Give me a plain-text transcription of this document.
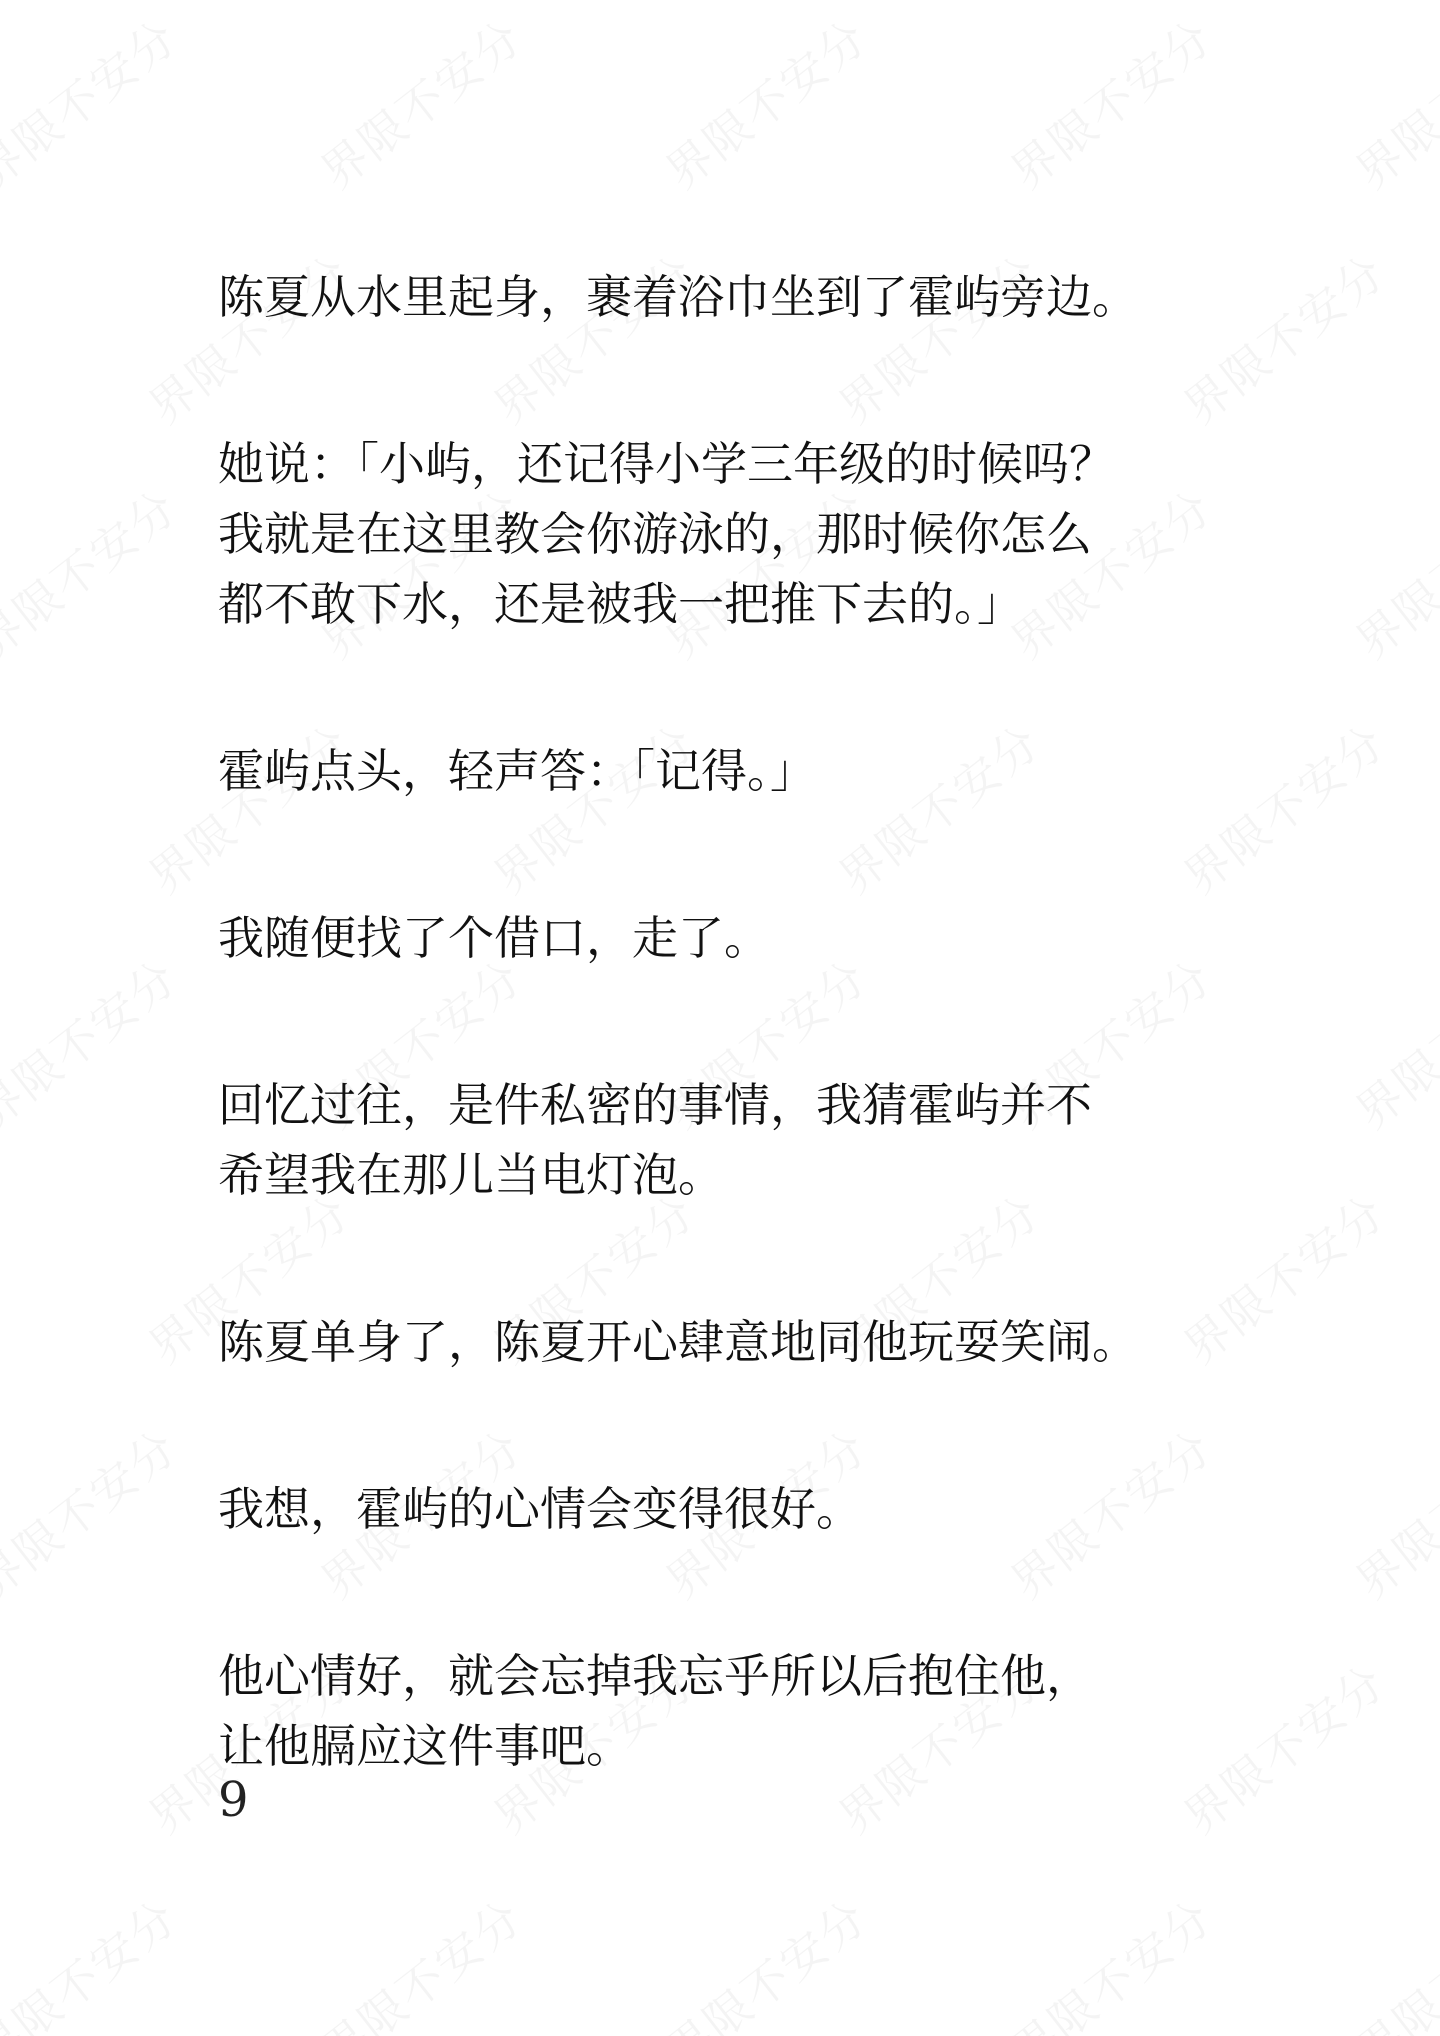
陈夏从水里起身，裹着浴巾坐到了霍屿旁边。

她说：「小屿，还记得小学三年级的时候吗？
我就是在这里教会你游泳的，那时候你怎么
都不敢下水，还是被我一把推下去的。」

霍屿点头，轻声答：「记得。」

我随便找了个借口，走了。

回忆过往，是件私密的事情，我猜霍屿并不
希望我在那儿当电灯泡。

陈夏单身了，陈夏开心肆意地同他玩耍笑闹。

我想，霍屿的心情会变得很好。

他心情好，就会忘掉我忘乎所以后抱住他，
让他膈应这件事吧。

9
